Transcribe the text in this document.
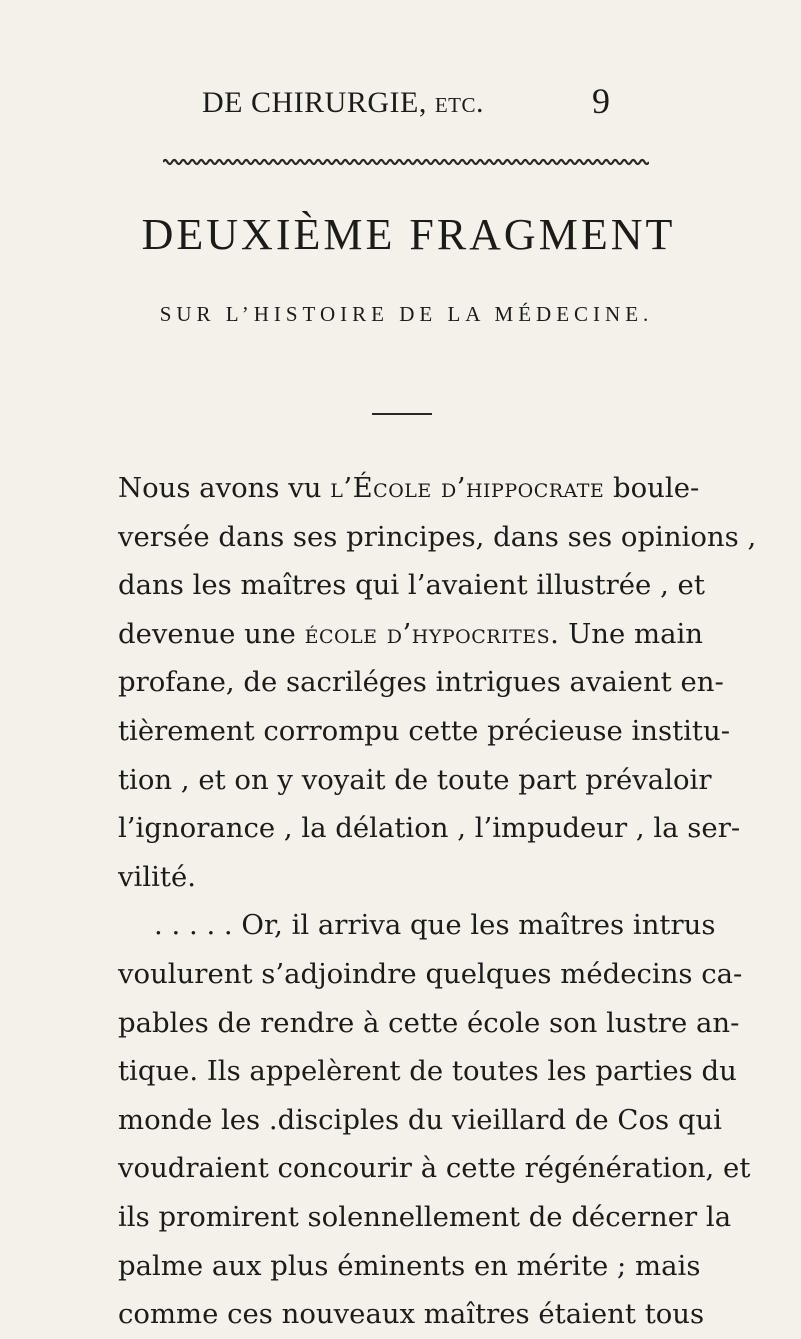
DE CHIRURGIE, etc.	9
DEUXIÈME FRAGMENT
SUR L’HISTOIRE DE LA MÉDECINE.
Nous avons vu l’École d’hippocrate boule-
versée dans ses principes, dans ses opinions ,
dans les maîtres qui l’avaient illustrée , et
devenue une école d’hypocrites. Une main
profane, de sacriléges intrigues avaient en-
tièrement corrompu cette précieuse institu-
tion , et on y voyait de toute part prévaloir
l’ignorance , la délation , l’impudeur , la ser-
vilité.
. . . . . Or, il arriva que les maîtres intrus
voulurent s’adjoindre quelques médecins ca-
pables de rendre à cette école son lustre an-
tique. Ils appelèrent de toutes les parties du
monde les .disciples du vieillard de Cos qui
voudraient concourir à cette régénération, et
ils promirent solennellement de décerner la
palme aux plus éminents en mérite ; mais
comme ces nouveaux maîtres étaient tous
